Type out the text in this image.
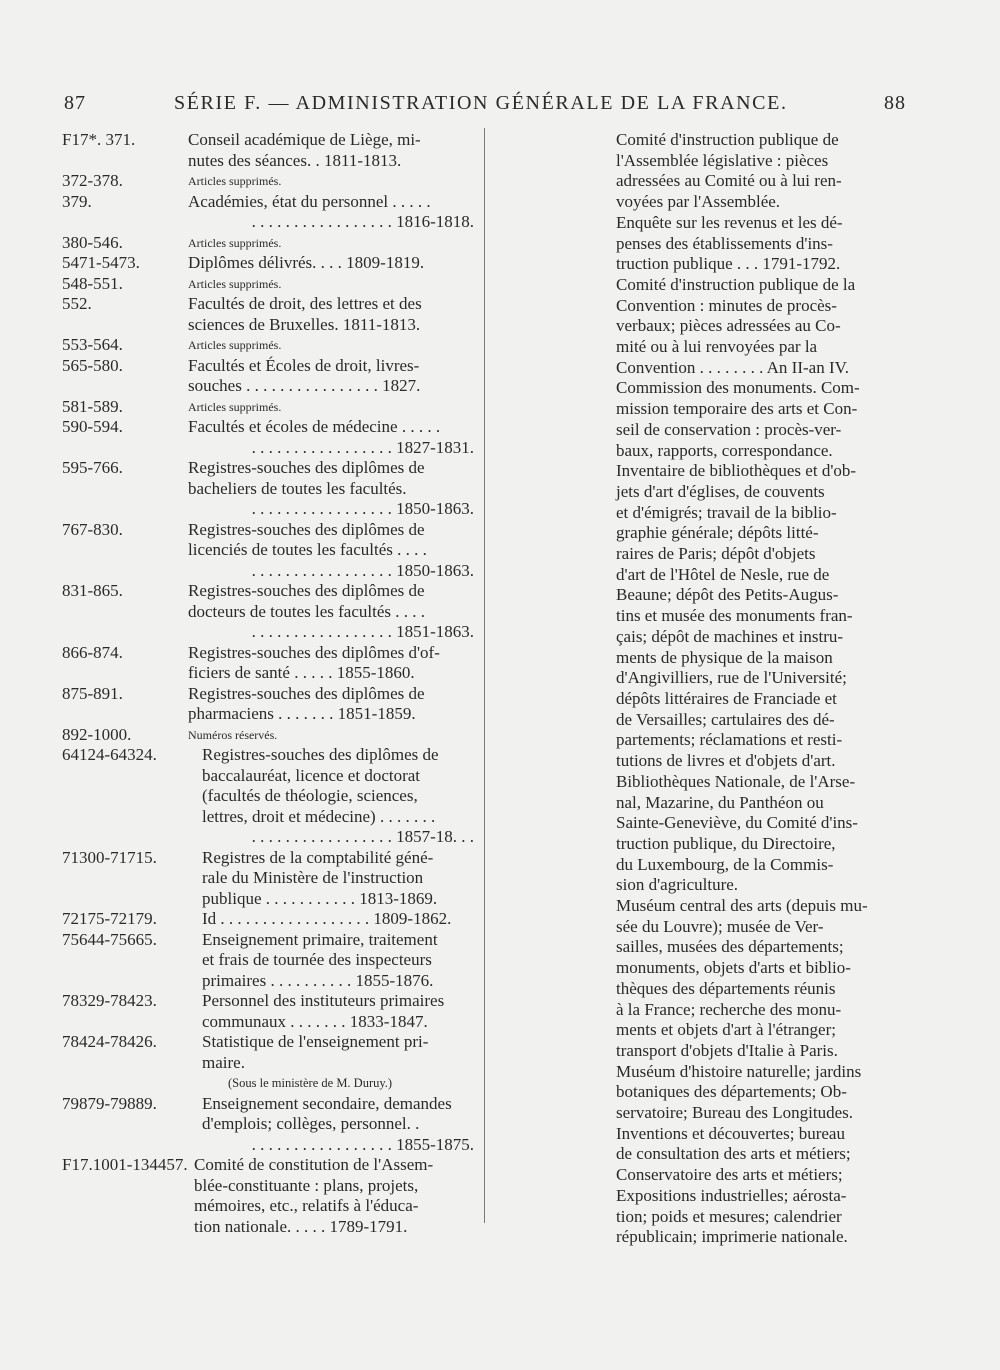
87	SÉRIE F. — ADMINISTRATION GÉNÉRALE DE LA FRANCE.	88
F17*. 371.	Conseil académique de Liège, mi-
nutes des séances. . 1811-1813.
372-378.	Articles supprimés.
379.	Académies, état du personnel . . . . .
. . . . . . . . . . . . . . . . . 1816-1818.
380-546.	Articles supprimés.
5471-5473.	Diplômes délivrés. . . . 1809-1819.
548-551.	Articles supprimés.
552.	Facultés de droit, des lettres et des
sciences de Bruxelles. 1811-1813.
553-564.	Articles supprimés.
565-580.	Facultés et Écoles de droit, livres-
souches . . . . . . . . . . . . . . . . 1827.
581-589.	Articles supprimés.
590-594.	Facultés et écoles de médecine . . . . .
. . . . . . . . . . . . . . . . . 1827-1831.
595-766.	Registres-souches des diplômes de
bacheliers de toutes les facultés.
. . . . . . . . . . . . . . . . . 1850-1863.
767-830.	Registres-souches des diplômes de
licenciés de toutes les facultés . . . .
. . . . . . . . . . . . . . . . . 1850-1863.
831-865.	Registres-souches des diplômes de
docteurs de toutes les facultés . . . .
. . . . . . . . . . . . . . . . . 1851-1863.
866-874.	Registres-souches des diplômes d'of-
ficiers de santé . . . . . 1855-1860.
875-891.	Registres-souches des diplômes de
pharmaciens . . . . . . . 1851-1859.
892-1000.	Numéros réservés.
64124-64324.	Registres-souches des diplômes de
baccalauréat, licence et doctorat
(facultés de théologie, sciences,
lettres, droit et médecine) . . . . . . .
. . . . . . . . . . . . . . . . . 1857-18. . .
71300-71715.	Registres de la comptabilité géné-
rale du Ministère de l'instruction
publique . . . . . . . . . . . 1813-1869.
72175-72179.	Id . . . . . . . . . . . . . . . . . . 1809-1862.
75644-75665.	Enseignement primaire, traitement
et frais de tournée des inspecteurs
primaires . . . . . . . . . . 1855-1876.
78329-78423.	Personnel des instituteurs primaires
communaux . . . . . . . 1833-1847.
78424-78426.	Statistique de l'enseignement pri-
maire.
(Sous le ministère de M. Duruy.)
79879-79889.	Enseignement secondaire, demandes
d'emplois; collèges, personnel. .
. . . . . . . . . . . . . . . . . 1855-1875.
F17.1001-134457. Comité de constitution de l'Assem-
blée-constituante : plans, projets,
mémoires, etc., relatifs à l'éduca-
tion nationale. . . . . 1789-1791.
Comité d'instruction publique de
l'Assemblée législative : pièces
adressées au Comité ou à lui ren-
voyées par l'Assemblée.
Enquête sur les revenus et les dé-
penses des établissements d'ins-
truction publique . . . 1791-1792.
Comité d'instruction publique de la
Convention : minutes de procès-
verbaux; pièces adressées au Co-
mité ou à lui renvoyées par la
Convention . . . . . . . . An II-an IV.
Commission des monuments. Com-
mission temporaire des arts et Con-
seil de conservation : procès-ver-
baux, rapports, correspondance.
Inventaire de bibliothèques et d'ob-
jets d'art d'églises, de couvents
et d'émigrés; travail de la biblio-
graphie générale; dépôts litté-
raires de Paris; dépôt d'objets
d'art de l'Hôtel de Nesle, rue de
Beaune; dépôt des Petits-Augus-
tins et musée des monuments fran-
çais; dépôt de machines et instru-
ments de physique de la maison
d'Angivilliers, rue de l'Université;
dépôts littéraires de Franciade et
de Versailles; cartulaires des dé-
partements; réclamations et resti-
tutions de livres et d'objets d'art.
Bibliothèques Nationale, de l'Arse-
nal, Mazarine, du Panthéon ou
Sainte-Geneviève, du Comité d'ins-
truction publique, du Directoire,
du Luxembourg, de la Commis-
sion d'agriculture.
Muséum central des arts (depuis mu-
sée du Louvre); musée de Ver-
sailles, musées des départements;
monuments, objets d'arts et biblio-
thèques des départements réunis
à la France; recherche des monu-
ments et objets d'art à l'étranger;
transport d'objets d'Italie à Paris.
Muséum d'histoire naturelle; jardins
botaniques des départements; Ob-
servatoire; Bureau des Longitudes.
Inventions et découvertes; bureau
de consultation des arts et métiers;
Conservatoire des arts et métiers;
Expositions industrielles; aérosta-
tion; poids et mesures; calendrier
républicain; imprimerie nationale.
